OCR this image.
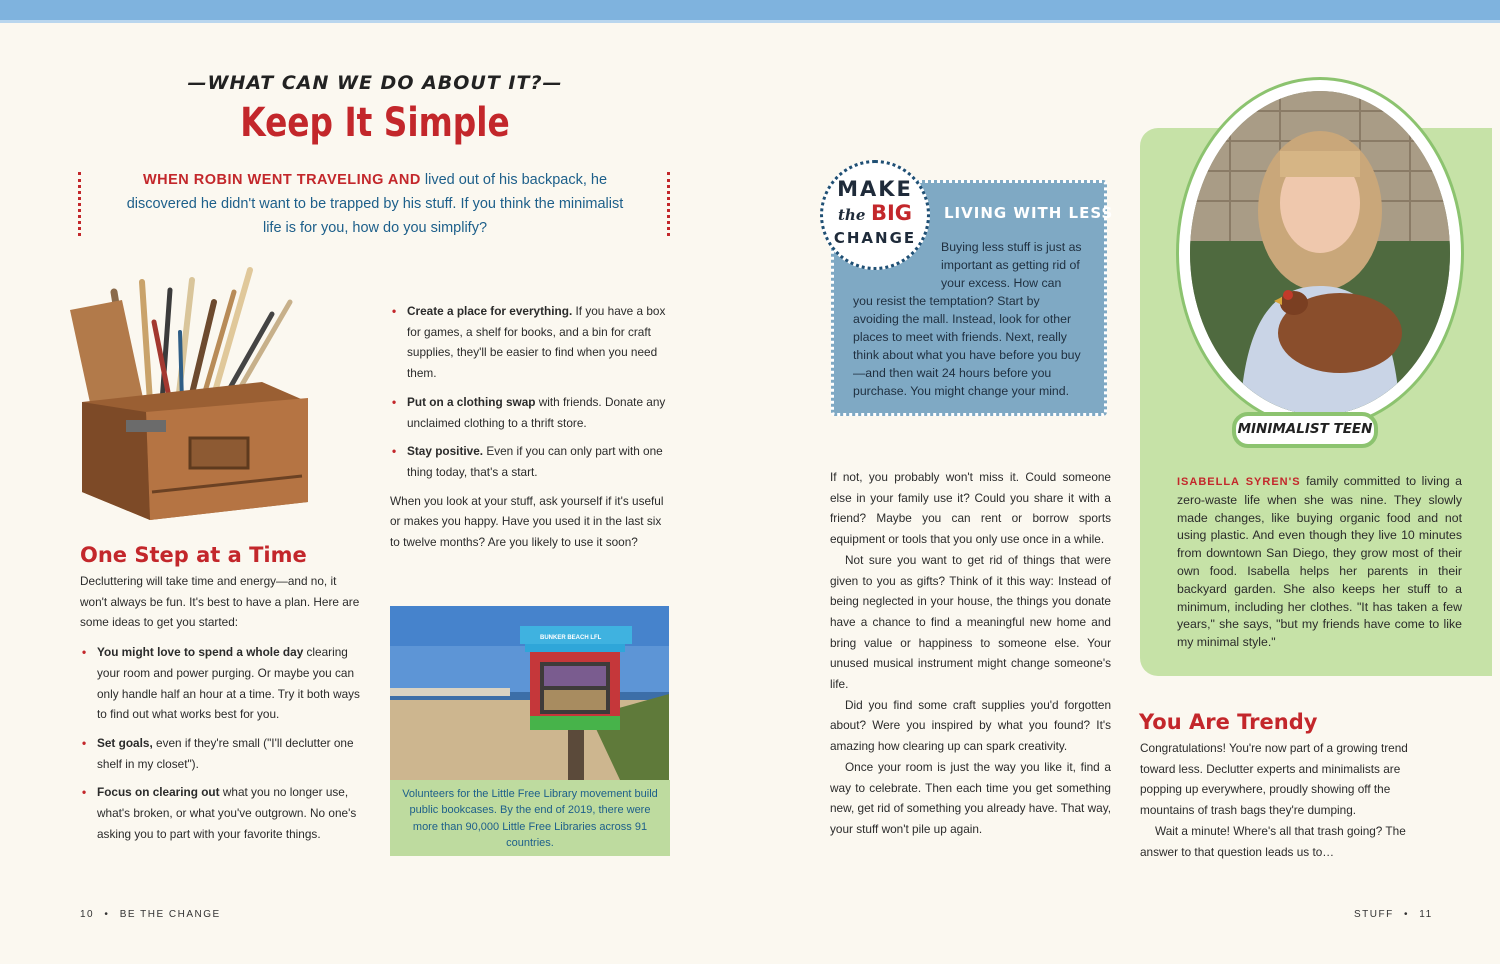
—WHAT CAN WE DO ABOUT IT?—
Keep It Simple
WHEN ROBIN WENT TRAVELING AND lived out of his backpack, he discovered he didn't want to be trapped by his stuff. If you think the minimalist life is for you, how do you simplify?
One Step at a Time

Decluttering will take time and energy—and no, it won't always be fun. It's best to have a plan. Here are some ideas to get you started:

• You might love to spend a whole day clearing your room and power purging. Or maybe you can only handle half an hour at a time. Try it both ways to find out what works best for you.
• Set goals, even if they're small ("I'll declutter one shelf in my closet").
• Focus on clearing out what you no longer use, what's broken, or what you've outgrown. No one's asking you to part with your favorite things.
• Create a place for everything. If you have a box for games, a shelf for books, and a bin for craft supplies, they'll be easier to find when you need them.
• Put on a clothing swap with friends. Donate any unclaimed clothing to a thrift store.
• Stay positive. Even if you can only part with one thing today, that's a start.

When you look at your stuff, ask yourself if it's useful or makes you happy. Have you used it in the last six to twelve months? Are you likely to use it soon?

BUNKER BEACH LFL
Volunteers for the Little Free Library movement build public bookcases. By the end of 2019, there were more than 90,000 Little Free Libraries across 91 countries.
10 • BE THE CHANGE
LIVING WITH LESS
Buying less stuff is just as important as getting rid of your excess. How can you resist the temptation? Start by avoiding the mall. Instead, look for other places to meet with friends. Next, really think about what you have before you buy—and then wait 24 hours before you purchase. You might change your mind.
MAKE
the BIG
CHANGE

If not, you probably won't miss it. Could someone else in your family use it? Could you share it with a friend? Maybe you can rent or borrow sports equipment or tools that you only use once in a while.

Not sure you want to get rid of things that were given to you as gifts? Think of it this way: Instead of being neglected in your house, the things you donate have a chance to find a meaningful new home and bring value or happiness to someone else. Your unused musical instrument might change someone's life.

Did you find some craft supplies you'd forgotten about? Were you inspired by what you found? It's amazing how clearing up can spark creativity.

Once your room is just the way you like it, find a way to celebrate. Then each time you get something new, get rid of something you already have. That way, your stuff won't pile up again.

MINIMALIST TEEN
ISABELLA SYREN'S family committed to living a zero-waste life when she was nine. They slowly made changes, like buying organic food and not using plastic. And even though they live 10 minutes from downtown San Diego, they grow most of their own food. Isabella helps her parents in their backyard garden. She also keeps her stuff to a minimum, including her clothes. "It has taken a few years," she says, "but my friends have come to like my minimal style."
You Are Trendy

Congratulations! You're now part of a growing trend toward less. Declutter experts and minimalists are popping up everywhere, proudly showing off the mountains of trash bags they're dumping.

Wait a minute! Where's all that trash going? The answer to that question leads us to…

STUFF • 11
